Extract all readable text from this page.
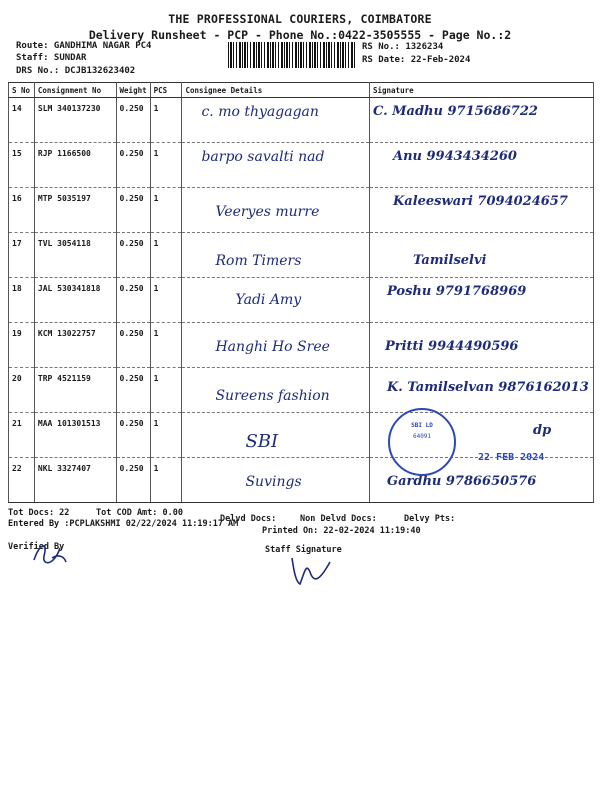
THE PROFESSIONAL COURIERS, COIMBATORE
Delivery Runsheet - PCP - Phone No.:0422-3505555 - Page No.:2
Route: GANDHIMA NAGAR PC4
Staff: SUNDAR
DRS No.: DCJB132623402
RS No.: 1326234
RS Date: 22-Feb-2024
S No	Consignment No	Weight	PCS	Consignee Details	Signature
14	SLM 340137230	0.250	1	c. mo thyagagan	C. Madhu 9715686722
15	RJP 1166500	0.250	1	barpo savalti nad	Anu 9943434260
16	MTP 5035197	0.250	1	Veeryes murre	Kaleeswari 7094024657
17	TVL 3054118	0.250	1	Rom Timers	Tamilselvi
18	JAL 530341818	0.250	1	Yadi Amy	Poshu 9791768969
19	KCM 13022757	0.250	1	Hanghi Ho Sree	Pritti 9944490596
20	TRP 4521159	0.250	1	Sureens fashion	K. Tamilselvan 9876162013
21	MAA 101301513	0.250	1	SBI	dp
22	NKL 3327407	0.250	1	Suvings	Gardhu 9786650576
SBI LD
64091
22 FEB 2024
Tot Docs: 22	Tot COD Amt: 0.00
Delvd Docs:	Non Delvd Docs:	Delvy Pts:
Entered By :PCPLAKSHMI 02/22/2024 11:19:17 AM
Printed On: 22-02-2024 11:19:40
Verified By	Staff Signature
